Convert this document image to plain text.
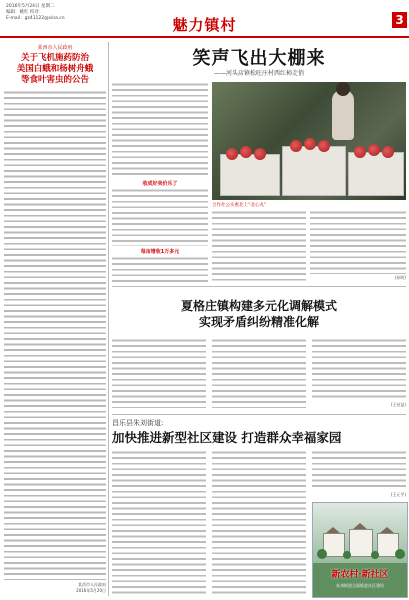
2016年5月24日 星期二
编辑：姚红 校对：
E-mail：gz41122@sina.cn	魅力镇村	3
某西市人民政府
关于飞机施药防治
美国白蛾和杨树舟蛾
等食叶害虫的公告
某西市人民政府
2016年5月20日
笑声飞出大棚来
——河头店镇松旺庄村西红柿走俏
收成好卖价乐了
每亩增收1万多元
合作社公实惠北上“北心丸”
(孙明)
夏格庄镇构建多元化调解模式
实现矛盾纠纷精准化解
(王亮益)
昌乐县朱刘街道:
加快推进新型社区建设 打造群众幸福家园
(王元平)
新农村·新社区
朱刘街道全面推进社区建设
